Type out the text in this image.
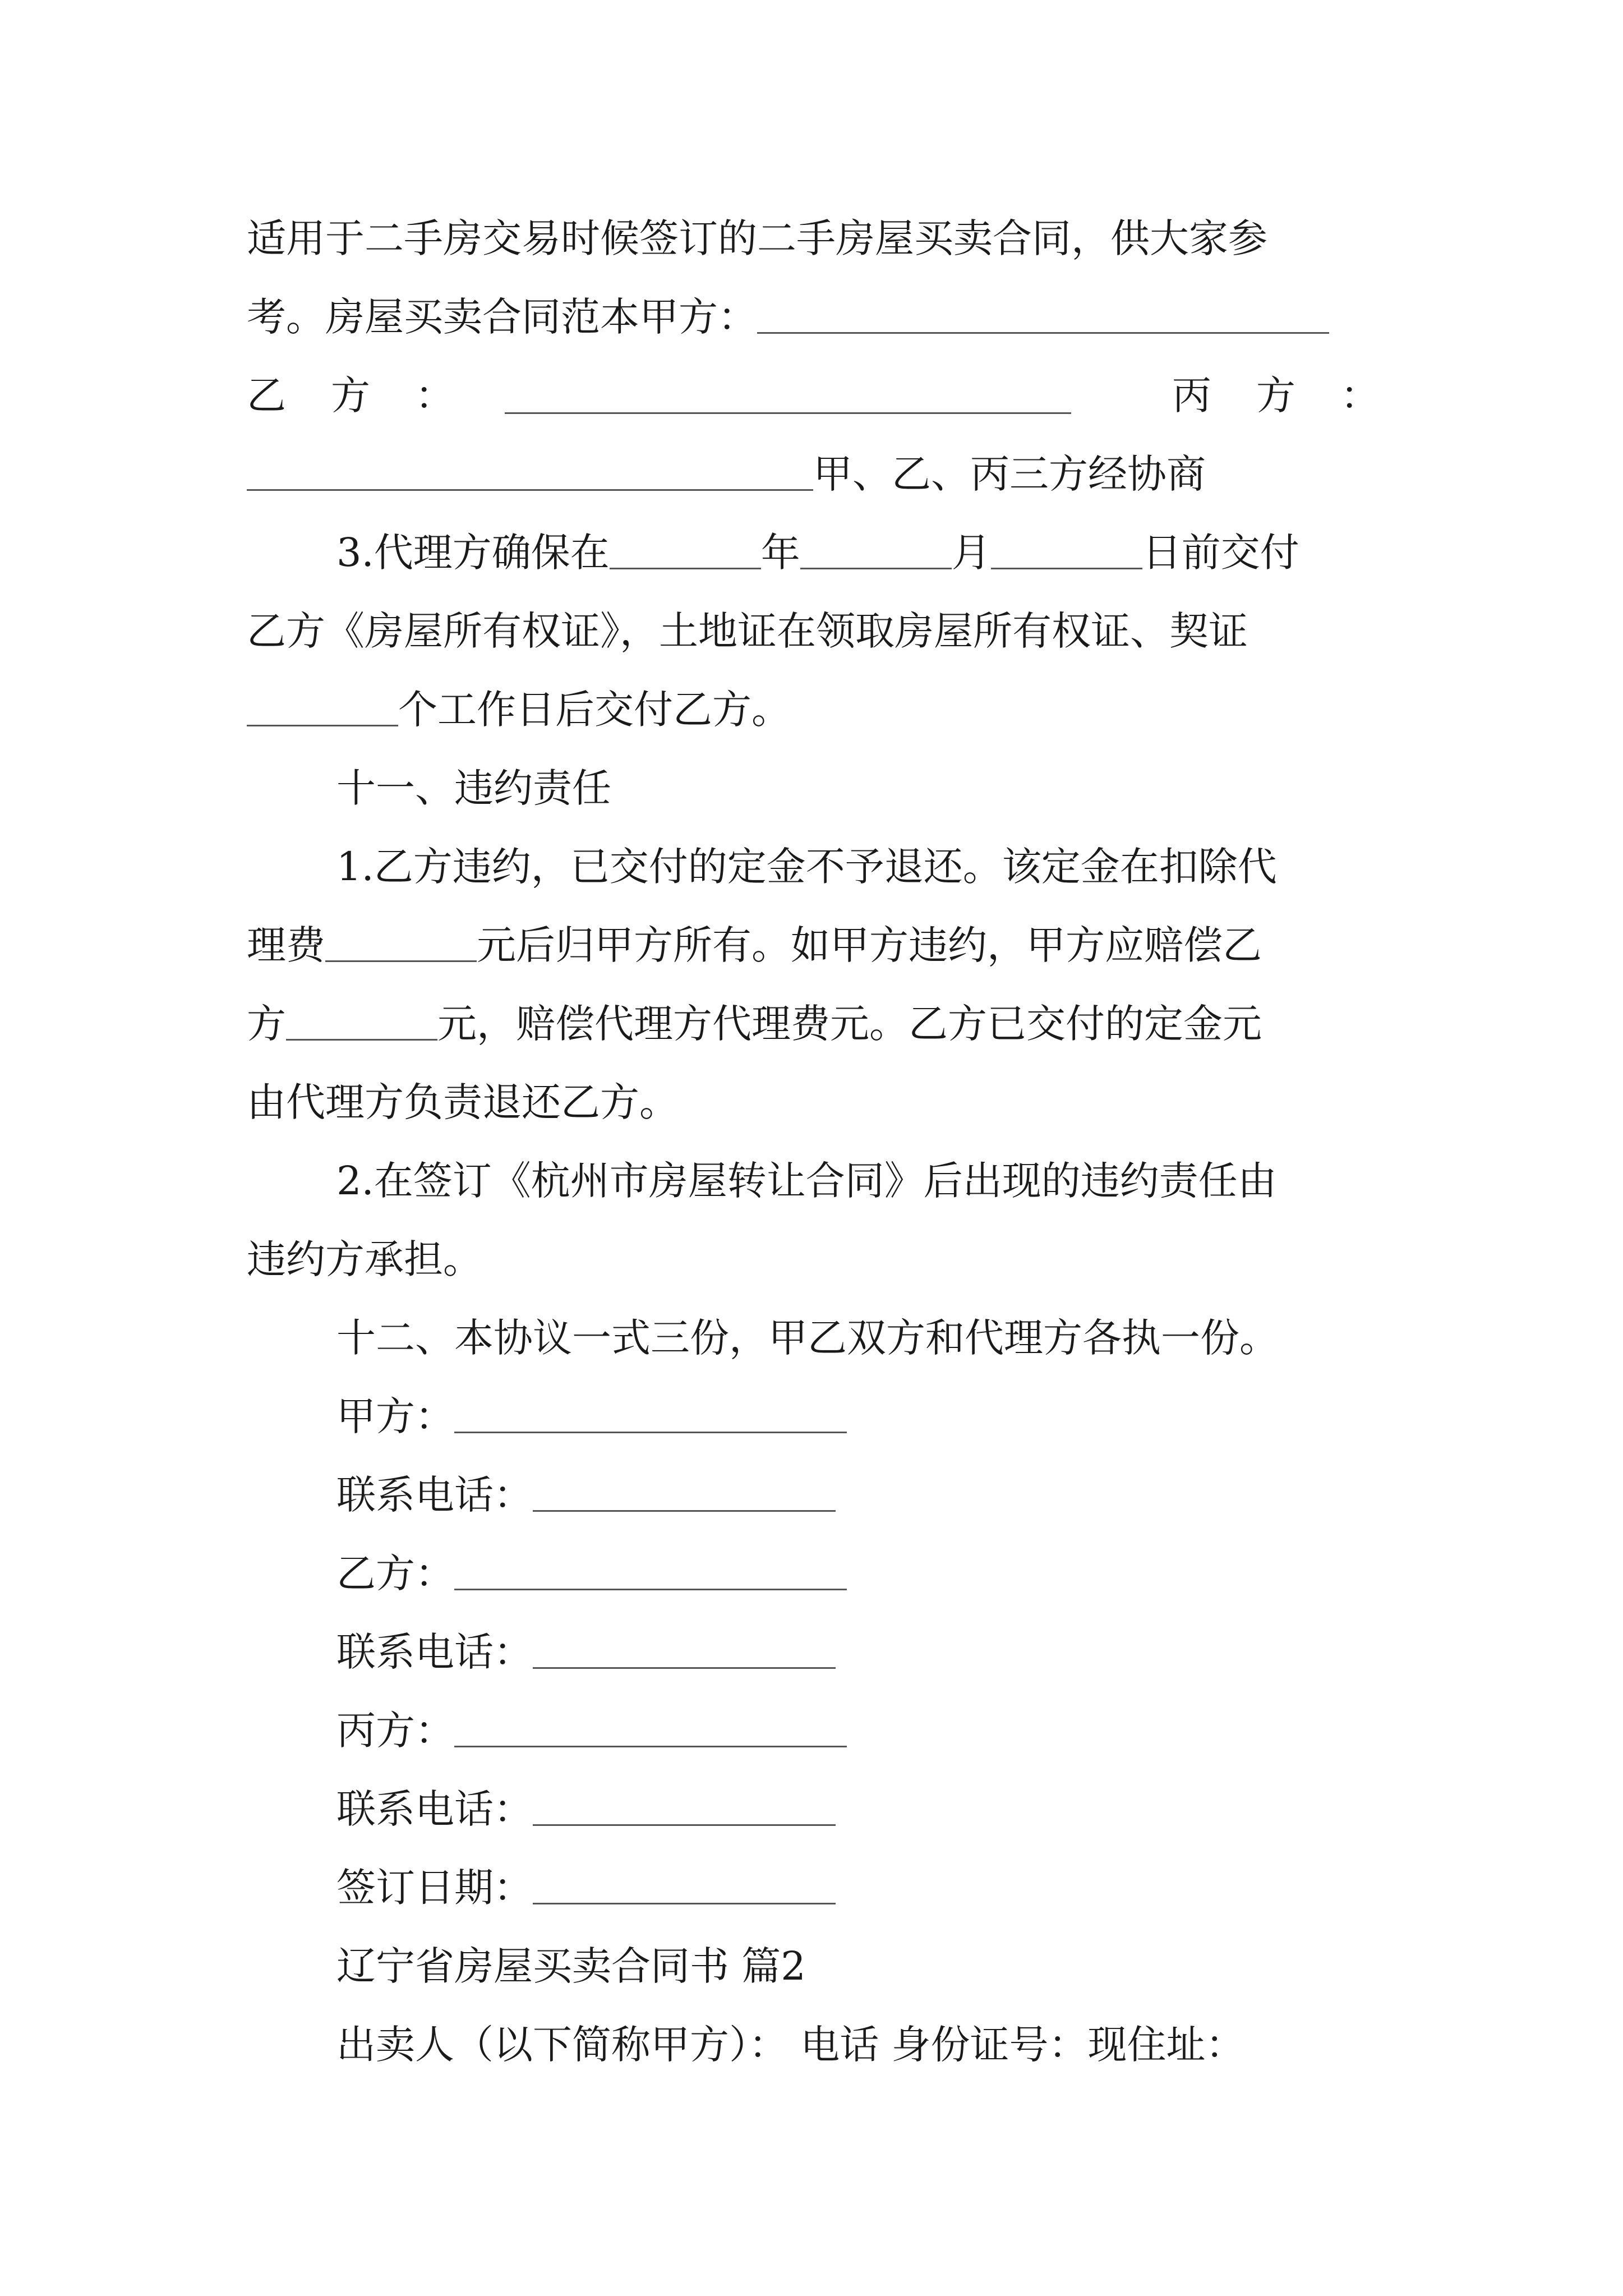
适用于二手房交易时候签订的二手房屋买卖合同，供大家参
考。房屋买卖合同范本甲方：
乙 方 ：	丙 方 ：
甲、乙、丙三方经协商
3.代理方确保在	年	月	日前交付
乙方《房屋所有权证》，土地证在领取房屋所有权证、契证
个工作日后交付乙方。
十一、违约责任
1.乙方违约，已交付的定金不予退还。该定金在扣除代
理费	元后归甲方所有。如甲方违约，甲方应赔偿乙
方	元，赔偿代理方代理费元。乙方已交付的定金元
由代理方负责退还乙方。
2.在签订《杭州市房屋转让合同》后出现的违约责任由
违约方承担。
十二、本协议一式三份，甲乙双方和代理方各执一份。
甲方：
联系电话：
乙方：
联系电话：
丙方：
联系电话：
签订日期：
辽宁省房屋买卖合同书 篇2
出卖人（以下简称甲方）： 电话 身份证号：现住址：
